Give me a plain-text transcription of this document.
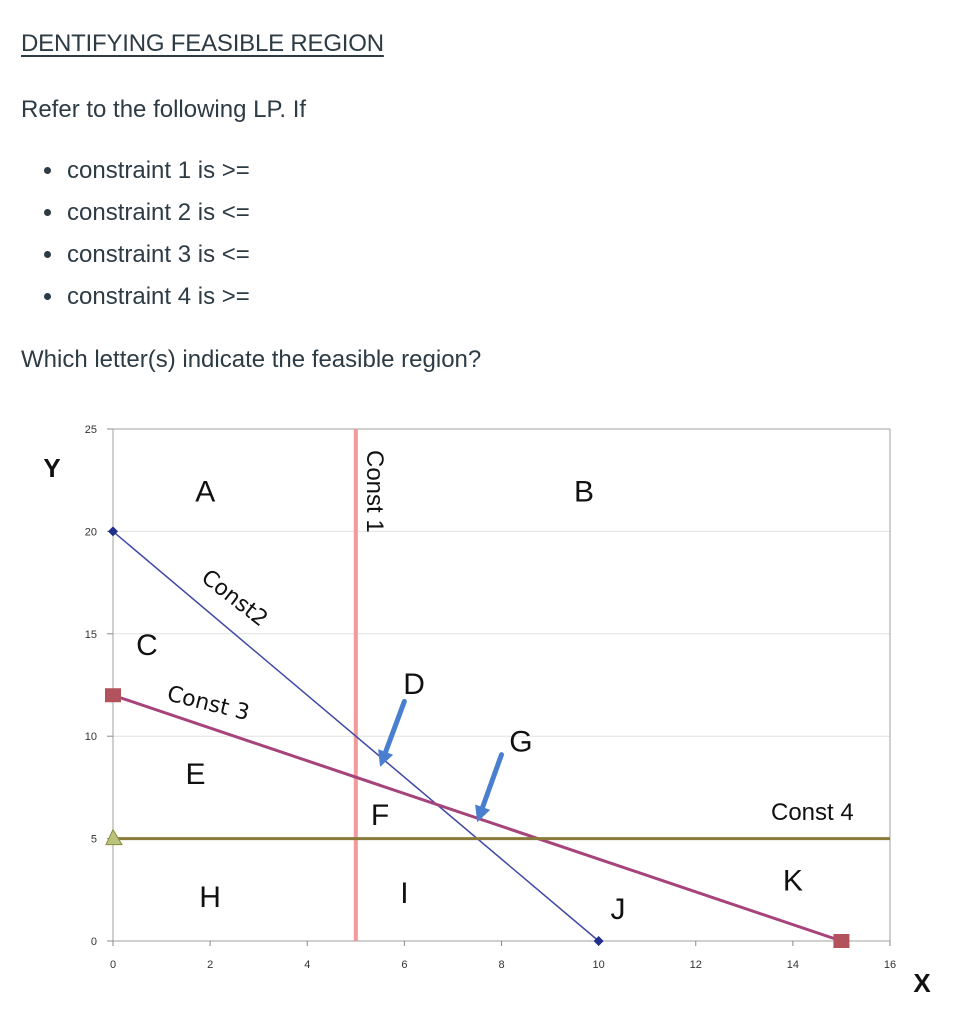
DENTIFYING FEASIBLE REGION
Refer to the following LP. If
• constraint 1 is >=
• constraint 2 is <=
• constraint 3 is <=
• constraint 4 is >=
Which letter(s) indicate the feasible region?
0
5
10
15
20
25
0	2	4	6	8	10	12	14	16
Y
X
Const 1
Const2
Const 3
Const 4
A	B
C
D
E
F
G
H	I	J
K
